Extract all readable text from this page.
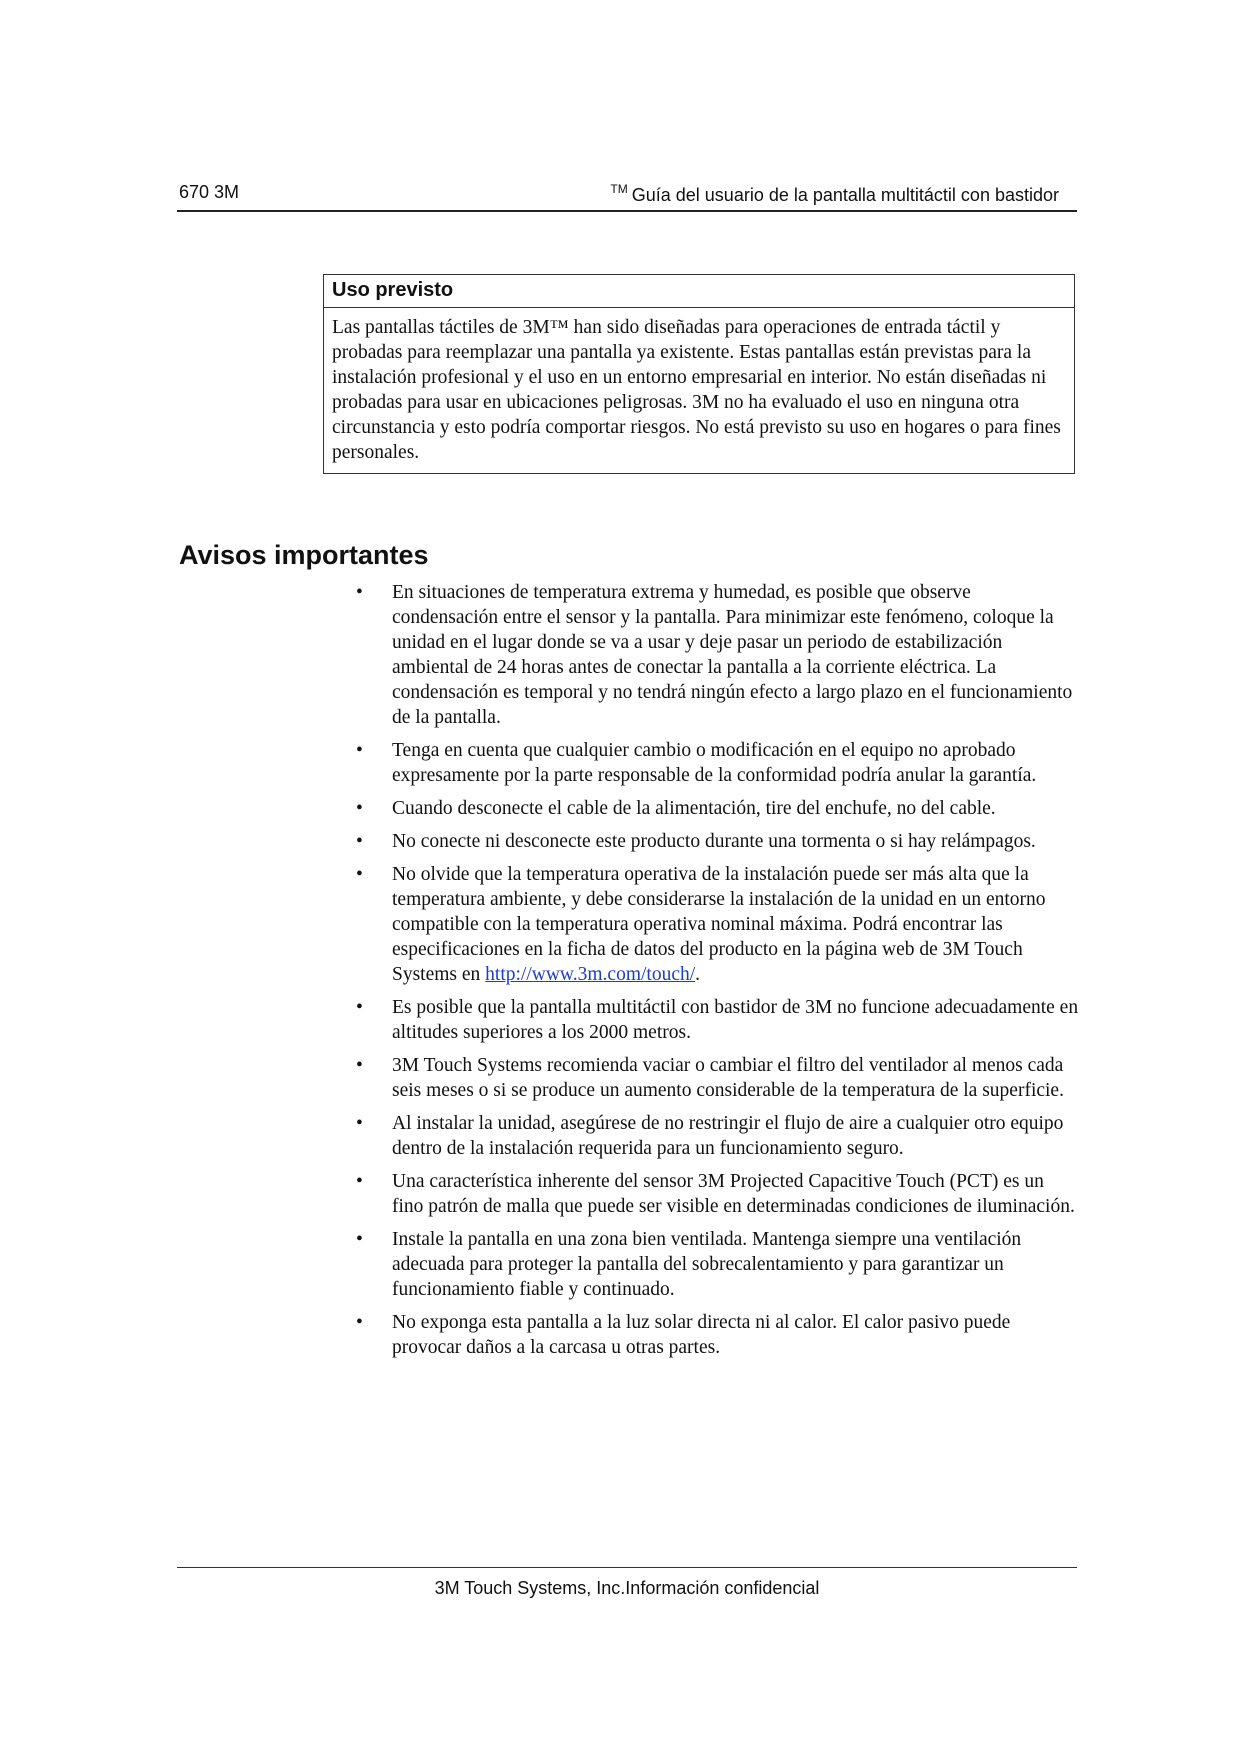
670 3M	™ Guía del usuario de la pantalla multitáctil con bastidor
Uso previsto

Las pantallas táctiles de 3M™ han sido diseñadas para operaciones de entrada táctil y probadas para reemplazar una pantalla ya existente. Estas pantallas están previstas para la instalación profesional y el uso en un entorno empresarial en interior. No están diseñadas ni probadas para usar en ubicaciones peligrosas. 3M no ha evaluado el uso en ninguna otra circunstancia y esto podría comportar riesgos. No está previsto su uso en hogares o para fines personales.

Avisos importantes
• En situaciones de temperatura extrema y humedad, es posible que observe condensación entre el sensor y la pantalla. Para minimizar este fenómeno, coloque la unidad en el lugar donde se va a usar y deje pasar un periodo de estabilización ambiental de 24 horas antes de conectar la pantalla a la corriente eléctrica. La condensación es temporal y no tendrá ningún efecto a largo plazo en el funcionamiento de la pantalla.
• Tenga en cuenta que cualquier cambio o modificación en el equipo no aprobado expresamente por la parte responsable de la conformidad podría anular la garantía.
• Cuando desconecte el cable de la alimentación, tire del enchufe, no del cable.
• No conecte ni desconecte este producto durante una tormenta o si hay relámpagos.
• No olvide que la temperatura operativa de la instalación puede ser más alta que la temperatura ambiente, y debe considerarse la instalación de la unidad en un entorno compatible con la temperatura operativa nominal máxima. Podrá encontrar las especificaciones en la ficha de datos del producto en la página web de 3M Touch Systems en http://www.3m.com/touch/.
• Es posible que la pantalla multitáctil con bastidor de 3M no funcione adecuadamente en altitudes superiores a los 2000 metros.
• 3M Touch Systems recomienda vaciar o cambiar el filtro del ventilador al menos cada seis meses o si se produce un aumento considerable de la temperatura de la superficie.
• Al instalar la unidad, asegúrese de no restringir el flujo de aire a cualquier otro equipo dentro de la instalación requerida para un funcionamiento seguro.
• Una característica inherente del sensor 3M Projected Capacitive Touch (PCT) es un fino patrón de malla que puede ser visible en determinadas condiciones de iluminación.
• Instale la pantalla en una zona bien ventilada. Mantenga siempre una ventilación adecuada para proteger la pantalla del sobrecalentamiento y para garantizar un funcionamiento fiable y continuado.
• No exponga esta pantalla a la luz solar directa ni al calor. El calor pasivo puede provocar daños a la carcasa u otras partes.
3M Touch Systems, Inc.Información confidencial
